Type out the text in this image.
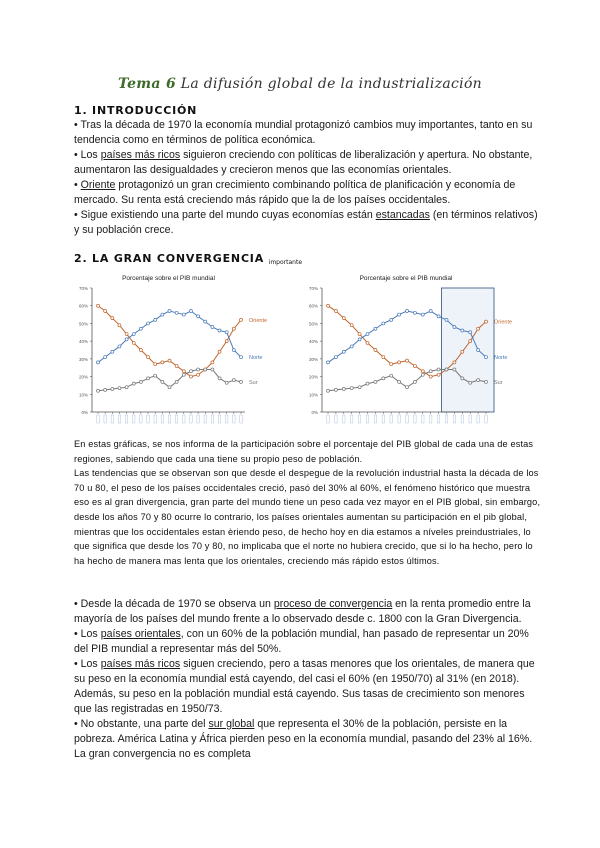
Tema 6 La difusión global de la industrialización
1. INTRODUCCIÓN

• Tras la década de 1970 la economía mundial protagonizó cambios muy importantes, tanto en su tendencia como en términos de política económica.

• Los países más ricos siguieron creciendo con políticas de liberalización y apertura. No obstante, aumentaron las desigualdades y crecieron menos que las economías orientales.

• Oriente protagonizó un gran crecimiento combinando política de planificación y economía de mercado. Su renta está creciendo más rápido que la de los países occidentales.

• Sigue existiendo una parte del mundo cuyas economías están estancadas (en términos relativos) y su población crece.

2. LA GRAN CONVERGENCIA importante
Porcentaje sobre el PIB mundial
0%
10%
20%
30%
40%
50%
60%
70%
Oriente
Norte
Sur
Porcentaje sobre el PIB mundial
0%
10%
20%
30%
40%
50%
60%
70%
Oriente
Norte
Sur

En estas gráficas, se nos informa de la participación sobre el porcentaje del PIB global de cada una de estas regiones, sabiendo que cada una tiene su propio peso de población.

Las tendencias que se observan son que desde el despegue de la revolución industrial hasta la década de los 70 u 80, el peso de los países occidentales creció, pasó del 30% al 60%, el fenómeno histórico que muestra eso es al gran divergencia, gran parte del mundo tiene un peso cada vez mayor en el PIB global, sin embargo, desde los años 70 y 80 ocurre lo contrario, los países orientales aumentan su participación en el pib global, mientras que los occidentales estan èriendo peso, de hecho hoy en dia estamos a níveles preindustriales, lo que significa que desde los 70 y 80, no implicaba que el norte no hubiera crecido, que si lo ha hecho, pero lo ha hecho de manera mas lenta que los orientales, creciendo más rápido estos últimos.

• Desde la década de 1970 se observa un proceso de convergencia en la renta promedio entre la mayoría de los países del mundo frente a lo observado desde c. 1800 con la Gran Divergencia.

• Los países orientales, con un 60% de la población mundial, han pasado de representar un 20% del PIB mundial a representar más del 50%.

• Los países más ricos siguen creciendo, pero a tasas menores que los orientales, de manera que su peso en la economía mundial está cayendo, del casi el 60% (en 1950/70) al 31% (en 2018). Además, su peso en la población mundial está cayendo. Sus tasas de crecimiento son menores que las registradas en 1950/73.

• No obstante, una parte del sur global que representa el 30% de la población, persiste en la pobreza. América Latina y África pierden peso en la economía mundial, pasando del 23% al 16%. La gran convergencia no es completa
